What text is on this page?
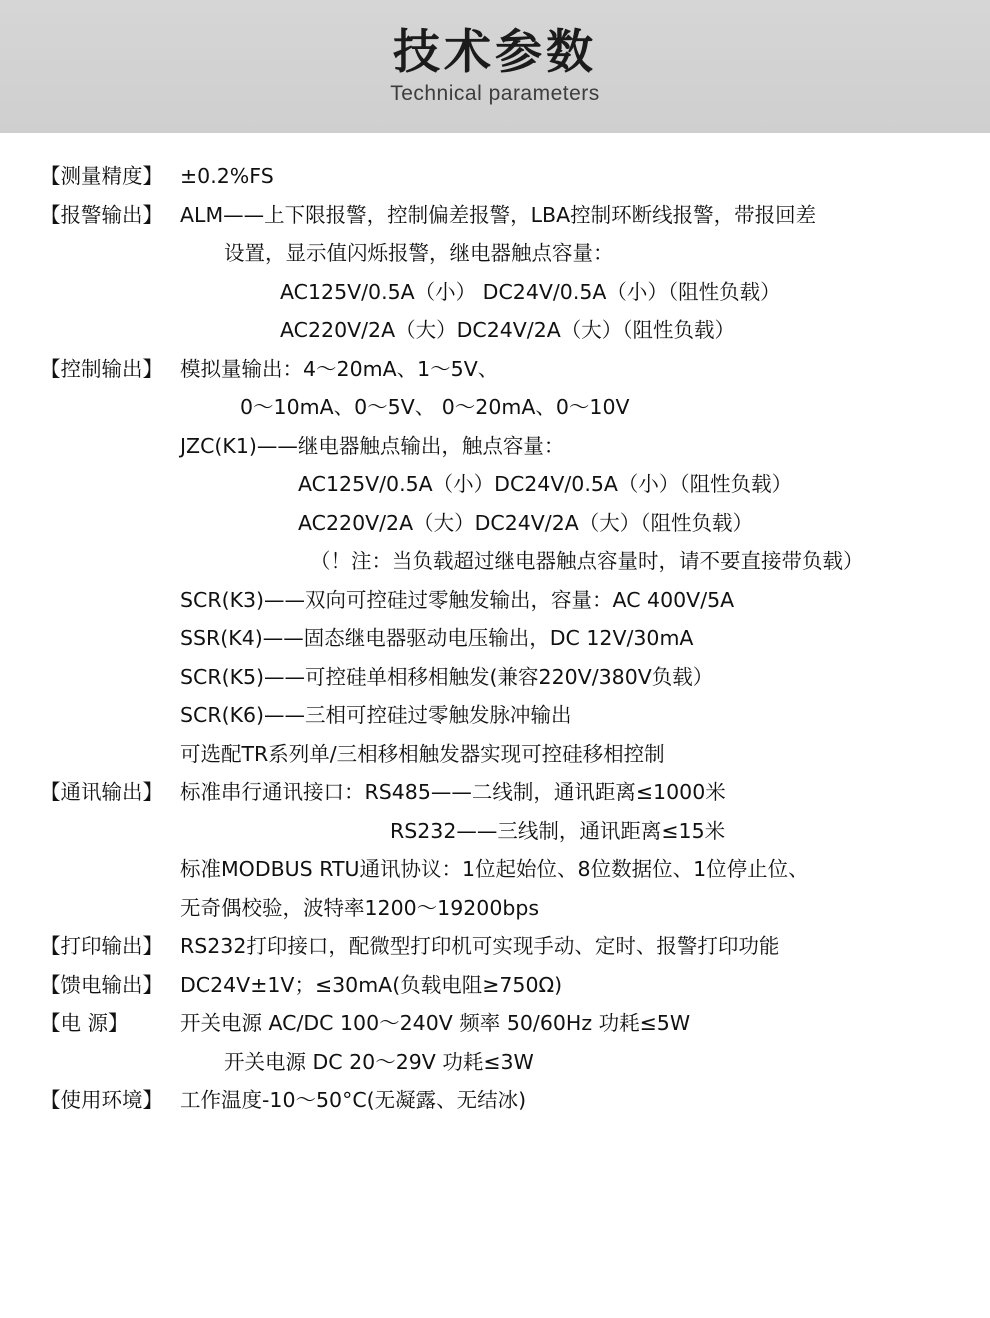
技术参数
Technical parameters
【测量精度】 ±0.2%FS
【报警输出】 ALM——上下限报警，控制偏差报警，LBA控制环断线报警，带报回差
设置，显示值闪烁报警，继电器触点容量：
AC125V/0.5A（小） DC24V/0.5A（小）（阻性负载）
AC220V/2A（大）DC24V/2A（大）（阻性负载）
【控制输出】 模拟量输出：4～20mA、1～5V、
0～10mA、0～5V、 0～20mA、0～10V
JZC(K1)——继电器触点输出，触点容量：
AC125V/0.5A（小）DC24V/0.5A（小）（阻性负载）
AC220V/2A（大）DC24V/2A（大）（阻性负载）
（！注：当负载超过继电器触点容量时，请不要直接带负载）
SCR(K3)——双向可控硅过零触发输出，容量：AC 400V/5A
SSR(K4)——固态继电器驱动电压输出，DC 12V/30mA
SCR(K5)——可控硅单相移相触发(兼容220V/380V负载）
SCR(K6)——三相可控硅过零触发脉冲输出
可选配TR系列单/三相移相触发器实现可控硅移相控制
【通讯输出】 标准串行通讯接口：RS485——二线制，通讯距离≤1000米
RS232——三线制，通讯距离≤15米
标准MODBUS RTU通讯协议：1位起始位、8位数据位、1位停止位、
无奇偶校验，波特率1200～19200bps
【打印输出】 RS232打印接口，配微型打印机可实现手动、定时、报警打印功能
【馈电输出】 DC24V±1V；≤30mA(负载电阻≥750Ω)
【电 源】	开关电源 AC/DC 100～240V 频率 50/60Hz 功耗≤5W
开关电源 DC 20～29V 功耗≤3W
【使用环境】 工作温度-10～50°C(无凝露、无结冰)
